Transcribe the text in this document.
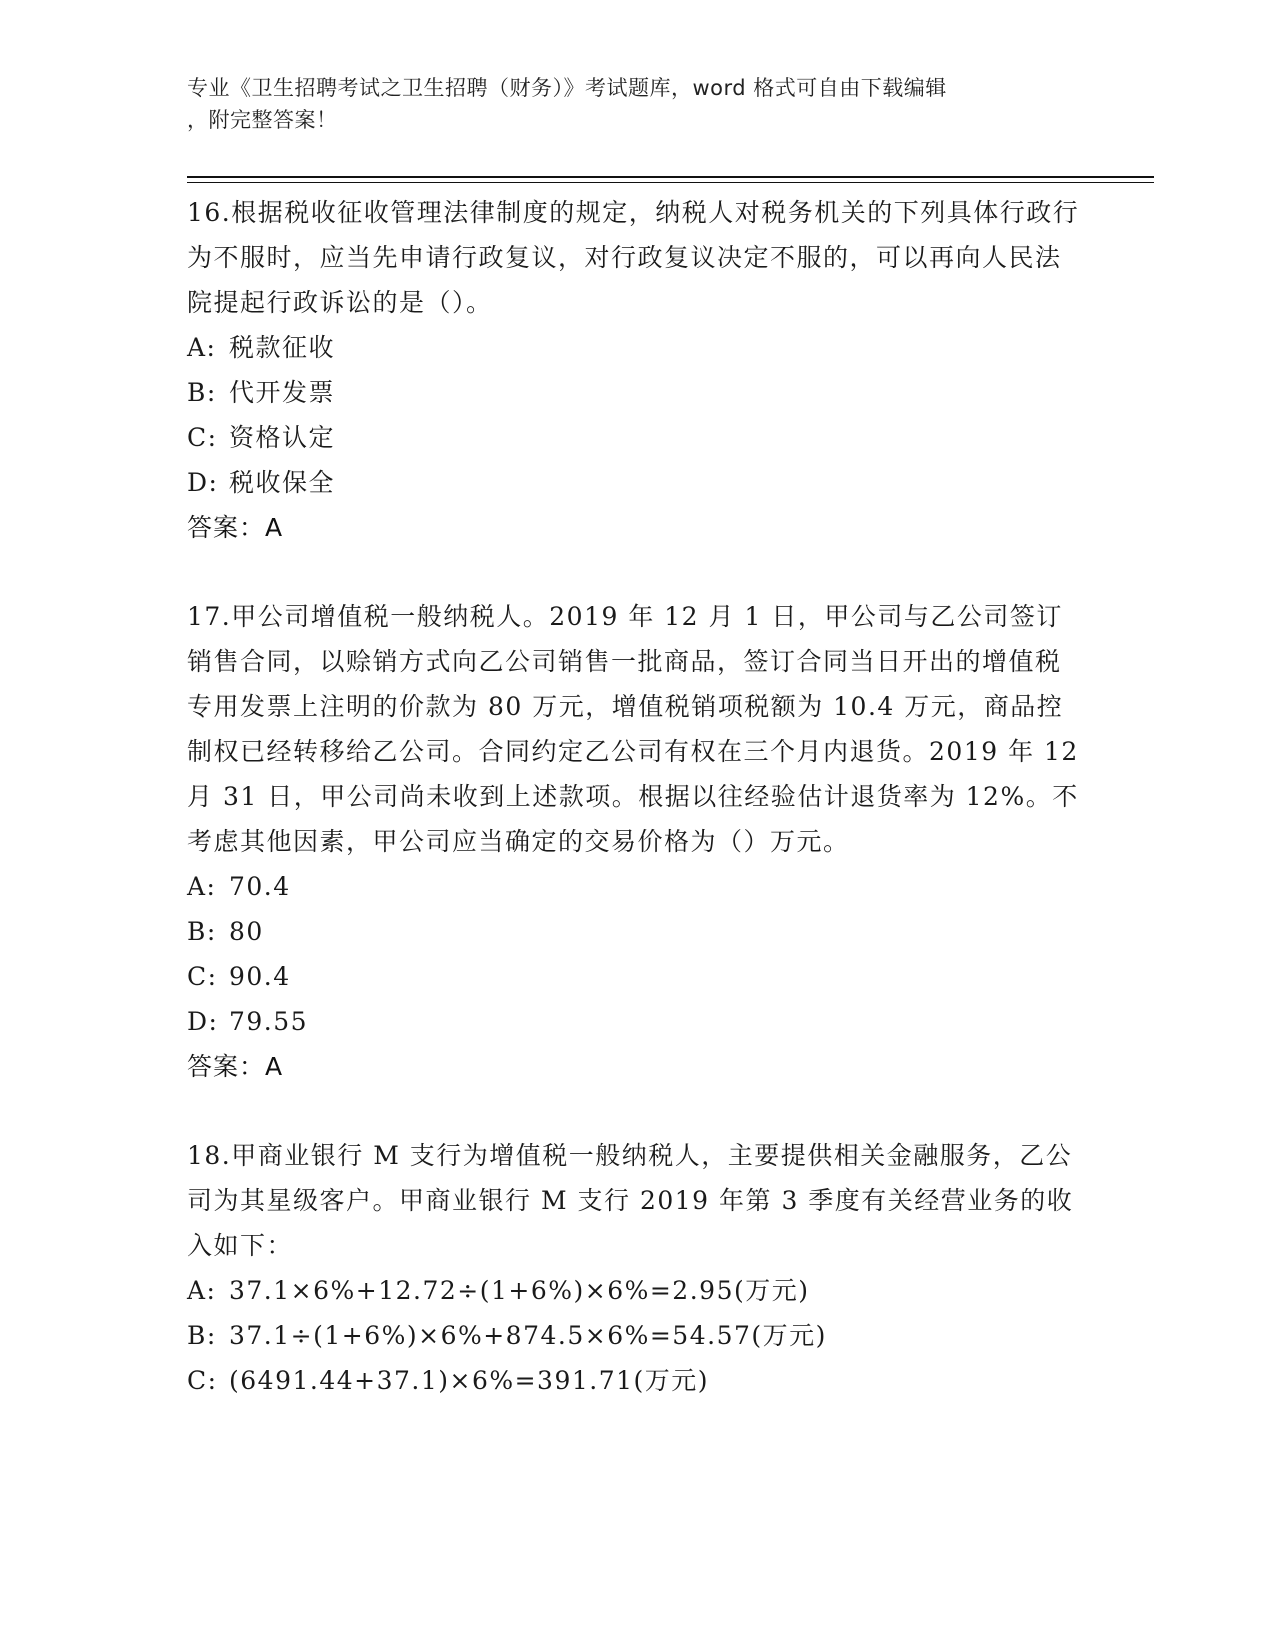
专业《卫生招聘考试之卫生招聘（财务）》考试题库，word 格式可自由下载编辑
，附完整答案！

16.根据税收征收管理法律制度的规定，纳税人对税务机关的下列具体行政行为不服时，应当先申请行政复议，对行政复议决定不服的，可以再向人民法院提起行政诉讼的是（）。

A: 税款征收

B: 代开发票

C: 资格认定

D: 税收保全

答案：A

17.甲公司增值税一般纳税人。2019 年 12 月 1 日，甲公司与乙公司签订销售合同，以赊销方式向乙公司销售一批商品，签订合同当日开出的增值税专用发票上注明的价款为 80 万元，增值税销项税额为 10.4 万元，商品控制权已经转移给乙公司。合同约定乙公司有权在三个月内退货。2019 年 12 月 31 日，甲公司尚未收到上述款项。根据以往经验估计退货率为 12%。不考虑其他因素，甲公司应当确定的交易价格为（）万元。

A: 70.4

B: 80

C: 90.4

D: 79.55

答案：A

18.甲商业银行 M 支行为增值税一般纳税人，主要提供相关金融服务，乙公司为其星级客户。甲商业银行 M 支行 2019 年第 3 季度有关经营业务的收入如下：

A: 37.1×6%+12.72÷(1+6%)×6%=2.95(万元)

B: 37.1÷(1+6%)×6%+874.5×6%=54.57(万元)

C: (6491.44+37.1)×6%=391.71(万元)
